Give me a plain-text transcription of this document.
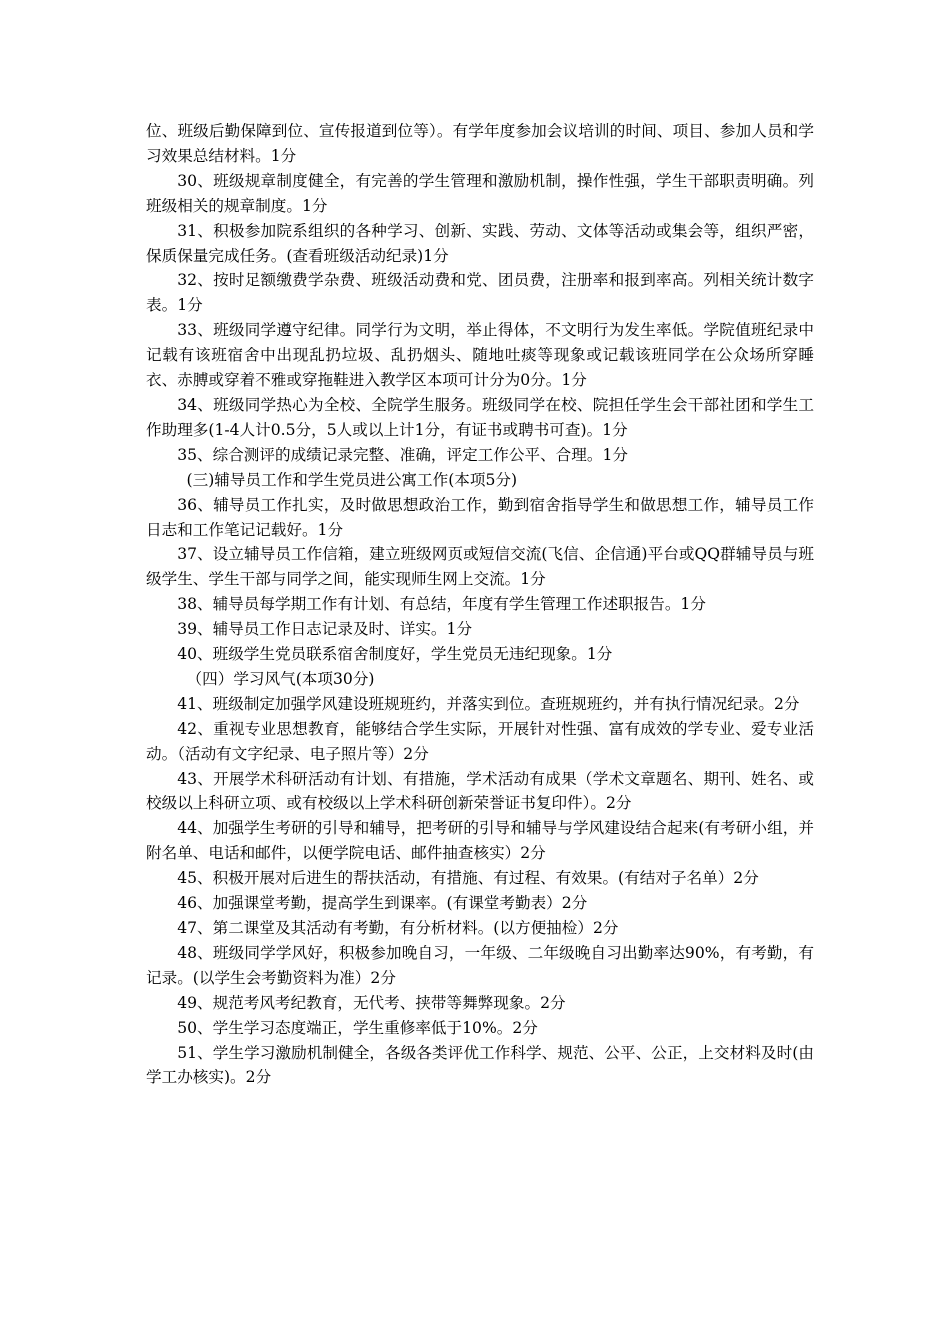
位、班级后勤保障到位、宣传报道到位等）。有学年度参加会议培训的时间、项目、参加人员和学习效果总结材料。1分

30、班级规章制度健全，有完善的学生管理和激励机制，操作性强，学生干部职责明确。列班级相关的规章制度。1分

31、积极参加院系组织的各种学习、创新、实践、劳动、文体等活动或集会等，组织严密，保质保量完成任务。(查看班级活动纪录)1分

32、按时足额缴费学杂费、班级活动费和党、团员费，注册率和报到率高。列相关统计数字表。1分

33、班级同学遵守纪律。同学行为文明，举止得体，不文明行为发生率低。学院值班纪录中记载有该班宿舍中出现乱扔垃圾、乱扔烟头、随地吐痰等现象或记载该班同学在公众场所穿睡衣、赤膊或穿着不雅或穿拖鞋进入教学区本项可计分为0分。1分

34、班级同学热心为全校、全院学生服务。班级同学在校、院担任学生会干部社团和学生工作助理多(1-4人计0.5分，5人或以上计1分，有证书或聘书可查)。1分

35、综合测评的成绩记录完整、准确，评定工作公平、合理。1分

(三)辅导员工作和学生党员进公寓工作(本项5分)

36、辅导员工作扎实，及时做思想政治工作，勤到宿舍指导学生和做思想工作，辅导员工作日志和工作笔记记载好。1分

37、设立辅导员工作信箱，建立班级网页或短信交流(飞信、企信通)平台或QQ群辅导员与班级学生、学生干部与同学之间，能实现师生网上交流。1分

38、辅导员每学期工作有计划、有总结，年度有学生管理工作述职报告。1分

39、辅导员工作日志记录及时、详实。1分

40、班级学生党员联系宿舍制度好，学生党员无违纪现象。1分

（四）学习风气(本项30分)

41、班级制定加强学风建设班规班约，并落实到位。查班规班约，并有执行情况纪录。2分

42、重视专业思想教育，能够结合学生实际，开展针对性强、富有成效的学专业、爱专业活动。（活动有文字纪录、电子照片等）2分

43、开展学术科研活动有计划、有措施，学术活动有成果（学术文章题名、期刊、姓名、或校级以上科研立项、或有校级以上学术科研创新荣誉证书复印件）。2分

44、加强学生考研的引导和辅导，把考研的引导和辅导与学风建设结合起来(有考研小组，并附名单、电话和邮件，以便学院电话、邮件抽查核实）2分

45、积极开展对后进生的帮扶活动，有措施、有过程、有效果。(有结对子名单）2分

46、加强课堂考勤，提高学生到课率。(有课堂考勤表）2分

47、第二课堂及其活动有考勤，有分析材料。(以方便抽检）2分

48、班级同学学风好，积极参加晚自习，一年级、二年级晚自习出勤率达90%，有考勤，有记录。(以学生会考勤资料为准）2分

49、规范考风考纪教育，无代考、挟带等舞弊现象。2分

50、学生学习态度端正，学生重修率低于10%。2分

51、学生学习激励机制健全，各级各类评优工作科学、规范、公平、公正，上交材料及时(由学工办核实)。2分
